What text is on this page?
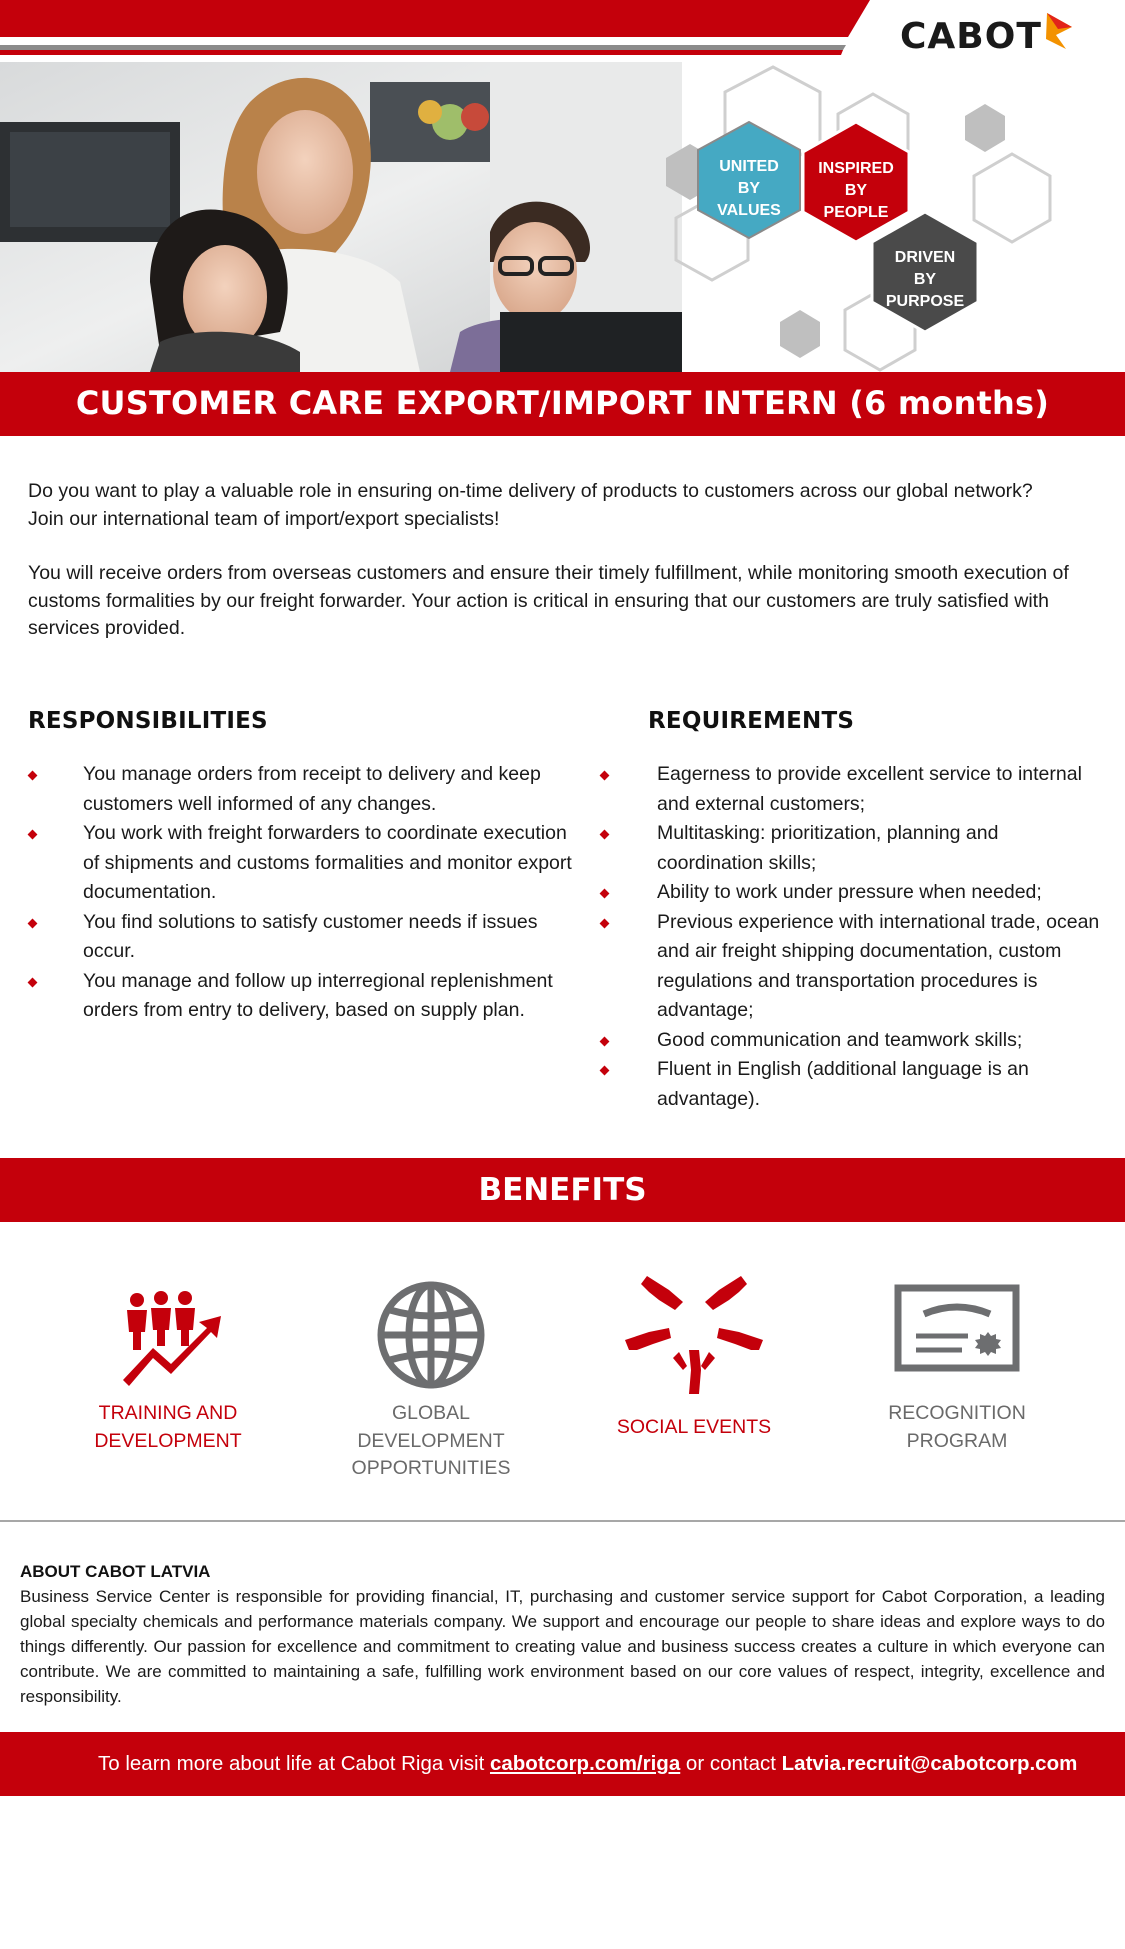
CABOT
UNITED
BY
VALUES
INSPIRED
BY
PEOPLE
DRIVEN
BY
PURPOSE
CUSTOMER CARE EXPORT/IMPORT INTERN (6 months)

Do you want to play a valuable role in ensuring on-time delivery of products to customers across our global network?

Join our international team of import/export specialists!

You will receive orders from overseas customers and ensure their timely fulfillment, while monitoring smooth execution of customs formalities by our freight forwarder. Your action is critical in ensuring that our customers are truly satisfied with services provided.

RESPONSIBILITIES
You manage orders from receipt to delivery and keep customers well informed of any changes.
You work with freight forwarders to coordinate execution of shipments and customs formalities and monitor export documentation.
You find solutions to satisfy customer needs if issues occur.
You manage and follow up interregional replenishment orders from entry to delivery, based on supply plan.
REQUIREMENTS
Eagerness to provide excellent service to internal and external customers;
Multitasking: prioritization, planning and coordination skills;
Ability to work under pressure when needed;
Previous experience with international trade, ocean and air freight shipping documentation, custom regulations and transportation procedures is advantage;
Good communication and teamwork skills;
Fluent in English (additional language is an advantage).
BENEFITS
TRAINING AND
DEVELOPMENT
GLOBAL
DEVELOPMENT
OPPORTUNITIES
SOCIAL EVENTS
RECOGNITION
PROGRAM
ABOUT CABOT LATVIA

Business Service Center is responsible for providing financial, IT, purchasing and customer service support for Cabot Corporation, a leading global specialty chemicals and performance materials company. We support and encourage our people to share ideas and explore ways to do things differently. Our passion for excellence and commitment to creating value and business success creates a culture in which everyone can contribute. We are committed to maintaining a safe, fulfilling work environment based on our core values of respect, integrity, excellence and responsibility.

To learn more about life at Cabot Riga visit cabotcorp.com/riga or contact Latvia.recruit@cabotcorp.com
